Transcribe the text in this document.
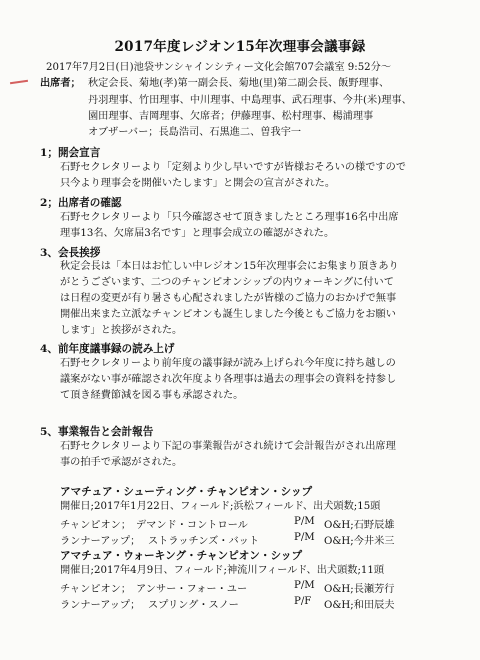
2017年度レジオン15年次理事会議事録
2017年7月2日(日)池袋サンシャインシティー文化会館707会議室 9:52分〜
出席者； 秋定会長、菊地(孝)第一副会長、菊地(里)第二副会長、飯野理事、
丹羽理事、竹田理事、中川理事、中島理事、武石理事、今井(米)理事、
園田理事、吉岡理事、欠席者；伊藤理事、松村理事、楊浦理事
オブザーバー；長島浩司、石黒進二、曽我宇一
1；開会宣言
石野セクレタリーより「定刻より少し早いですが皆様おそろいの様ですので
只今より理事会を開催いたします」と開会の宣言がされた。
2；出席者の確認
石野セクレタリーより「只今確認させて頂きましたところ理事16名中出席
理事13名、欠席届3名です」と理事会成立の確認がされた。
3、会長挨拶
秋定会長は「本日はお忙しい中レジオン15年次理事会にお集まり頂きあり
がとうございます、二つのチャンピオンシップの内ウォーキングに付いて
は日程の変更が有り暑さも心配されましたが皆様のご協力のおかげで無事
開催出来また立派なチャンピオンも誕生しました今後ともご協力をお願い
します」と挨拶がされた。
4、前年度議事録の読み上げ
石野セクレタリーより前年度の議事録が読み上げられ今年度に持ち越しの
議案がない事が確認され次年度より各理事は過去の理事会の資料を持参し
て頂き経費節減を図る事も承認された。
5、事業報告と会計報告
石野セクレタリーより下記の事業報告がされ続けて会計報告がされ出席理
事の拍手で承認がされた。
アマチュア・シューティング・チャンピオン・シップ
開催日;2017年1月22日、フィールド;浜松フィールド、出犬頭数;15頭
チャンピオン； デマンド・コントロール	P/M O&H;石野辰雄
ランナーアップ； ストラッチンズ・バット	P/M O&H;今井米三
アマチュア・ウォーキング・チャンピオン・シップ
開催日;2017年4月9日、フィールド;神流川フィールド、出犬頭数;11頭
チャンピオン； アンサー・フォー・ユー	P/M O&H;長瀬芳行
ランナーアップ； スプリング・スノー	P/F O&H;和田辰夫
